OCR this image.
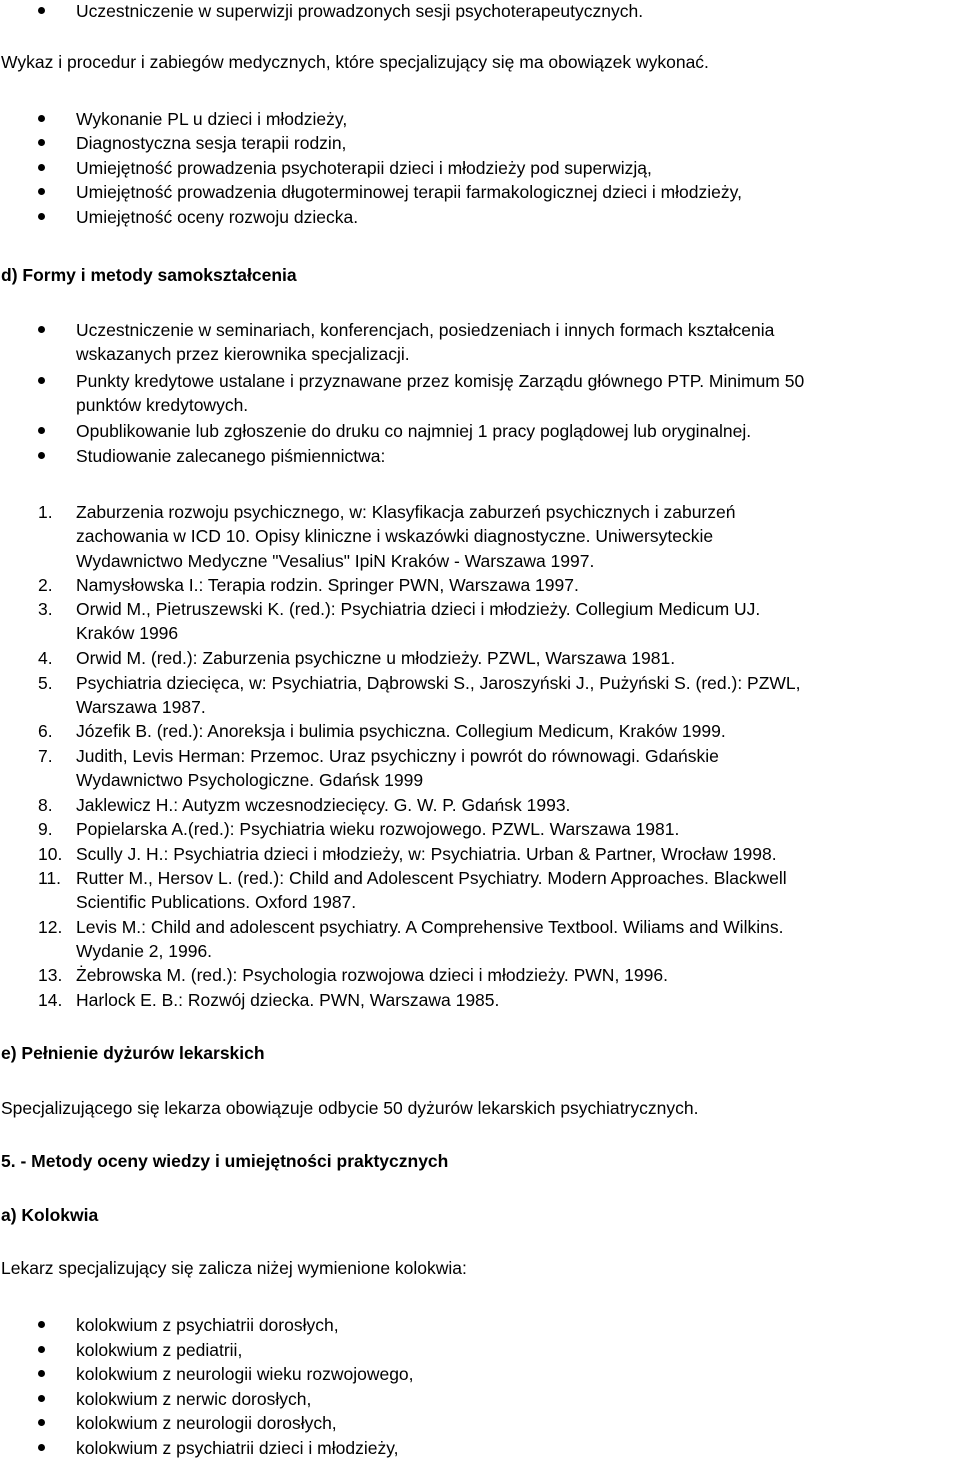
Uczestniczenie w superwizji prowadzonych sesji psychoterapeutycznych.
Wykaz i procedur i zabiegów medycznych, które specjalizujący się ma obowiązek wykonać.
Wykonanie PL u dzieci i młodzieży,
Diagnostyczna sesja terapii rodzin,
Umiejętność prowadzenia psychoterapii dzieci i młodzieży pod superwizją,
Umiejętność prowadzenia długoterminowej terapii farmakologicznej dzieci i młodzieży,
Umiejętność oceny rozwoju dziecka.
d) Formy i metody samokształcenia
Uczestniczenie w seminariach, konferencjach, posiedzeniach i innych formach kształcenia
wskazanych przez kierownika specjalizacji.
Punkty kredytowe ustalane i przyznawane przez komisję Zarządu głównego PTP. Minimum 50
punktów kredytowych.
Opublikowanie lub zgłoszenie do druku co najmniej 1 pracy poglądowej lub oryginalnej.
Studiowanie zalecanego piśmiennictwa:
1. Zaburzenia rozwoju psychicznego, w: Klasyfikacja zaburzeń psychicznych i zaburzeń
zachowania w ICD 10. Opisy kliniczne i wskazówki diagnostyczne. Uniwersyteckie
Wydawnictwo Medyczne "Vesalius" IpiN Kraków - Warszawa 1997.
2. Namysłowska I.: Terapia rodzin. Springer PWN, Warszawa 1997.
3. Orwid M., Pietruszewski K. (red.): Psychiatria dzieci i młodzieży. Collegium Medicum UJ.
Kraków 1996
4. Orwid M. (red.): Zaburzenia psychiczne u młodzieży. PZWL, Warszawa 1981.
5. Psychiatria dziecięca, w: Psychiatria, Dąbrowski S., Jaroszyński J., Pużyński S. (red.): PZWL,
Warszawa 1987.
6. Józefik B. (red.): Anoreksja i bulimia psychiczna. Collegium Medicum, Kraków 1999.
7. Judith, Levis Herman: Przemoc. Uraz psychiczny i powrót do równowagi. Gdańskie
Wydawnictwo Psychologiczne. Gdańsk 1999
8. Jaklewicz H.: Autyzm wczesnodziecięcy. G. W. P. Gdańsk 1993.
9. Popielarska A.(red.): Psychiatria wieku rozwojowego. PZWL. Warszawa 1981.
10. Scully J. H.: Psychiatria dzieci i młodzieży, w: Psychiatria. Urban & Partner, Wrocław 1998.
11. Rutter M., Hersov L. (red.): Child and Adolescent Psychiatry. Modern Approaches. Blackwell
Scientific Publications. Oxford 1987.
12. Levis M.: Child and adolescent psychiatry. A Comprehensive Textbool. Wiliams and Wilkins.
Wydanie 2, 1996.
13. Żebrowska M. (red.): Psychologia rozwojowa dzieci i młodzieży. PWN, 1996.
14. Harlock E. B.: Rozwój dziecka. PWN, Warszawa 1985.
e) Pełnienie dyżurów lekarskich
Specjalizującego się lekarza obowiązuje odbycie 50 dyżurów lekarskich psychiatrycznych.
5. - Metody oceny wiedzy i umiejętności praktycznych
a) Kolokwia
Lekarz specjalizujący się zalicza niżej wymienione kolokwia:
kolokwium z psychiatrii dorosłych,
kolokwium z pediatrii,
kolokwium z neurologii wieku rozwojowego,
kolokwium z nerwic dorosłych,
kolokwium z neurologii dorosłych,
kolokwium z psychiatrii dzieci i młodzieży,
